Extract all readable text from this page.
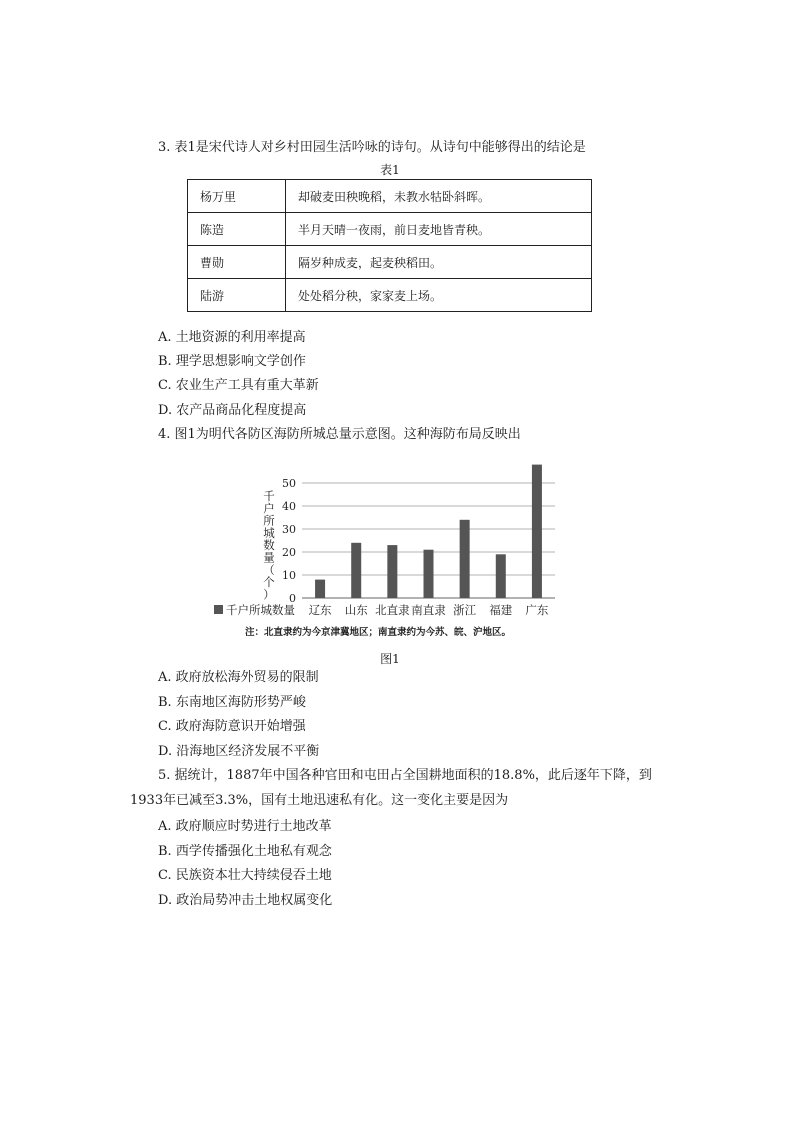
3. 表1是宋代诗人对乡村田园生活吟咏的诗句。从诗句中能够得出的结论是
表1
杨万里	却破麦田秧晚稻，未教水牯卧斜晖。
陈造	半月天晴一夜雨，前日麦地皆青秧。
曹勋	隔岁种成麦，起麦秧稻田。
陆游	处处稻分秧，家家麦上场。
A. 土地资源的利用率提高
B. 理学思想影响文学创作
C. 农业生产工具有重大革新
D. 农产品商品化程度提高
4. 图1为明代各防区海防所城总量示意图。这种海防布局反映出
0
10
20
30
40
50
千
户
所
城
数
量
（
个
）
辽东 山东 北直隶 南直隶 浙江 福建 广东
千户所城数量
注：北直隶约为今京津冀地区；南直隶约为今苏、皖、沪地区。
图1
A. 政府放松海外贸易的限制
B. 东南地区海防形势严峻
C. 政府海防意识开始增强
D. 沿海地区经济发展不平衡
5. 据统计，1887年中国各种官田和屯田占全国耕地面积的18.8%，此后逐年下降，到
1933年已减至3.3%，国有土地迅速私有化。这一变化主要是因为
A. 政府顺应时势进行土地改革
B. 西学传播强化土地私有观念
C. 民族资本壮大持续侵吞土地
D. 政治局势冲击土地权属变化
